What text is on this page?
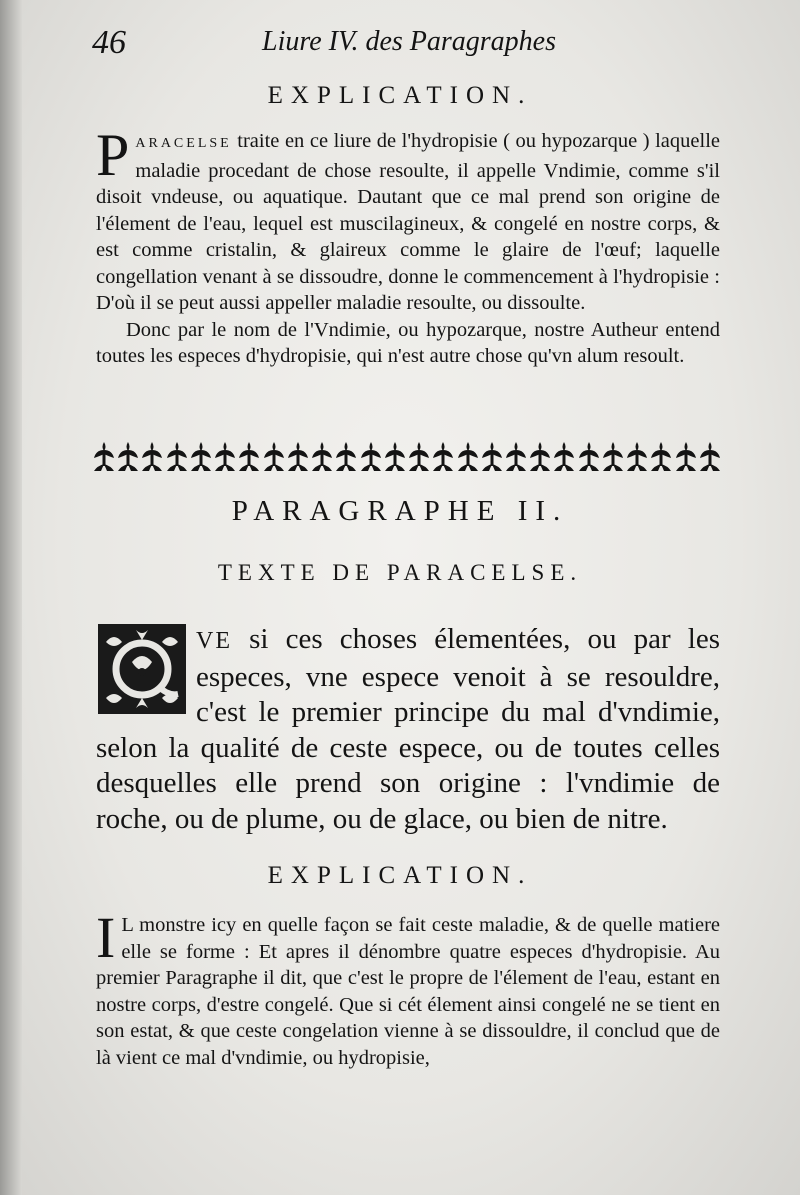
46	Liure IV. des Paragraphes
EXPLICATION.

PARACELSE traite en ce liure de l'hydropisie ( ou hypozarque ) laquelle maladie procedant de chose resoulte, il appelle Vndimie, comme s'il disoit vndeuse, ou aquatique. Dautant que ce mal prend son origine de l'élement de l'eau, lequel est muscilagineux, & congelé en nostre corps, & est comme cristalin, & glaireux comme le glaire de l'œuf; laquelle congellation venant à se dissoudre, donne le commencement à l'hydropisie : D'où il se peut aussi appeller maladie resoulte, ou dissoulte.

Donc par le nom de l'Vndimie, ou hypozarque, nostre Autheur entend toutes les especes d'hydropisie, qui n'est autre chose qu'vn alum resoult.

PARAGRAPHE II.
TEXTE DE PARACELSE.

Q
VE si ces choses élementées, ou par les especes, vne espece venoit à se resouldre, c'est le premier principe du mal d'vndimie, selon la qualité de ceste espece, ou de toutes celles desquelles elle prend son origine : l'vndimie de roche, ou de plume, ou de glace, ou bien de nitre.

EXPLICATION.

I L monstre icy en quelle façon se fait ceste maladie, & de quelle matiere elle se forme : Et apres il dénombre quatre especes d'hydropisie. Au premier Paragraphe il dit, que c'est le propre de l'élement de l'eau, estant en nostre corps, d'estre congelé. Que si cét élement ainsi congelé ne se tient en son estat, & que ceste congelation vienne à se dissouldre, il conclud que de là vient ce mal d'vndimie, ou hydropisie,
